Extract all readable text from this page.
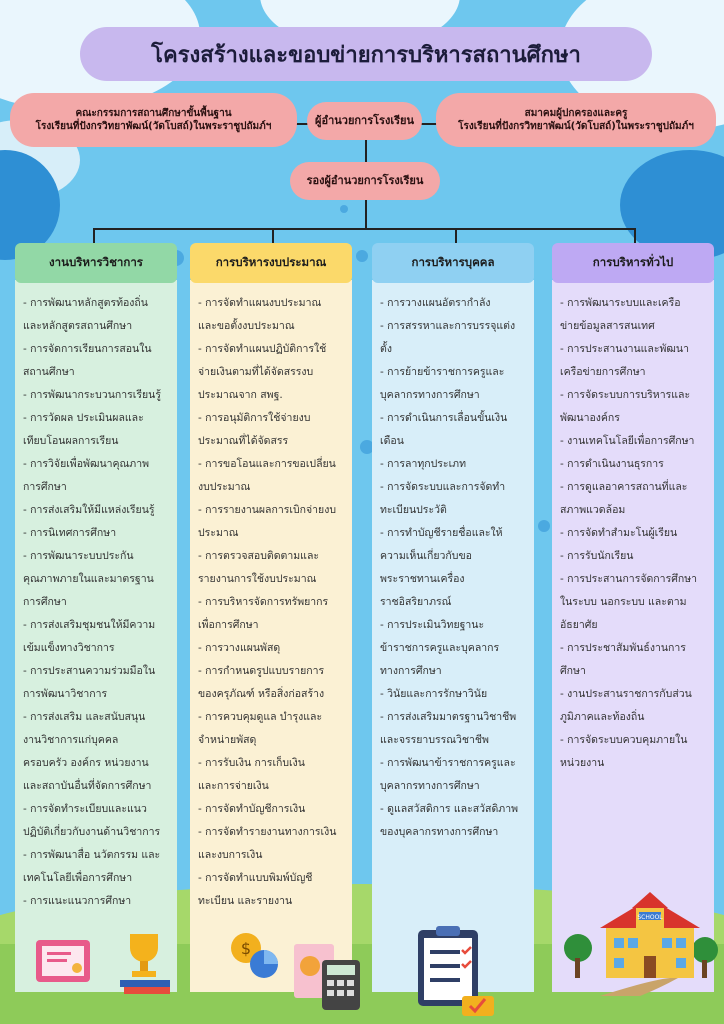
โครงสร้างและขอบข่ายการบริหารสถานศึกษา
คณะกรรมการสถานศึกษาขั้นพื้นฐาน
โรงเรียนที่ปังกรวิทยาพัฒน์(วัดโบสถ์)ในพระราชูปถัมภ์ฯ	ผู้อำนวยการโรงเรียน
สมาคมผู้ปกครองและครู
โรงเรียนที่ปังกรวิทยาพัฒน์(วัดโบสถ์)ในพระราชูปถัมภ์ฯ
รองผู้อำนวยการโรงเรียน
- การพัฒนาหลักสูตรท้องถิ่น
และหลักสูตรสถานศึกษา
- การจัดการเรียนการสอนใน
สถานศึกษา
- การพัฒนากระบวนการเรียนรู้
- การวัดผล ประเมินผลและ
เทียบโอนผลการเรียน
- การวิจัยเพื่อพัฒนาคุณภาพ
การศึกษา
- การส่งเสริมให้มีแหล่งเรียนรู้
- การนิเทศการศึกษา
- การพัฒนาระบบประกัน
คุณภาพภายในและมาตรฐาน
การศึกษา
- การส่งเสริมชุมชนให้มีความ
เข้มแข็งทางวิชาการ
- การประสานความร่วมมือใน
การพัฒนาวิชาการ
- การส่งเสริม และสนับสนุน
งานวิชาการแก่บุคคล
ครอบครัว องค์กร หน่วยงาน
และสถาบันอื่นที่จัดการศึกษา
- การจัดทำระเบียบและแนว
ปฏิบัติเกี่ยวกับงานด้านวิชาการ
- การพัฒนาสื่อ นวัตกรรม และ
เทคโนโลยีเพื่อการศึกษา
- การแนะแนวการศึกษา
- การจัดทำแผนงบประมาณ
และขอตั้งงบประมาณ
- การจัดทำแผนปฏิบัติการใช้
จ่ายเงินตามที่ได้จัดสรรงบ
ประมาณจาก สพฐ.
- การอนุมัติการใช้จ่ายงบ
ประมาณที่ได้จัดสรร
- การขอโอนและการขอเปลี่ยน
งบประมาณ
- การรายงานผลการเบิกจ่ายงบ
ประมาณ
- การตรวจสอบติดตามและ
รายงานการใช้งบประมาณ
- การบริหารจัดการทรัพยากร
เพื่อการศึกษา
- การวางแผนพัสดุ
- การกำหนดรูปแบบรายการ
ของครุภัณฑ์ หรือสิ่งก่อสร้าง
- การควบคุมดูแล บำรุงและ
จำหน่ายพัสดุ
- การรับเงิน การเก็บเงิน
และการจ่ายเงิน
- การจัดทำบัญชีการเงิน
- การจัดทำรายงานทางการเงิน
และงบการเงิน
- การจัดทำแบบพิมพ์บัญชี
ทะเบียน และรายงาน
- การวางแผนอัตรากำลัง
- การสรรหาและการบรรจุแต่ง
ตั้ง
- การย้ายข้าราชการครูและ
บุคลากรทางการศึกษา
- การดำเนินการเลื่อนขั้นเงิน
เดือน
- การลาทุกประเภท
- การจัดระบบและการจัดทำ
ทะเบียนประวัติ
- การทำบัญชีรายชื่อและให้
ความเห็นเกี่ยวกับขอ
พระราชทานเครื่อง
ราชอิสริยาภรณ์
- การประเมินวิทยฐานะ
ข้าราชการครูและบุคลากร
ทางการศึกษา
- วินัยและการรักษาวินัย
- การส่งเสริมมาตรฐานวิชาชีพ
และจรรยาบรรณวิชาชีพ
- การพัฒนาข้าราชการครูและ
บุคลากรทางการศึกษา
- ดูแลสวัสดิการ และสวัสดิภาพ
ของบุคลากรทางการศึกษา
- การพัฒนาระบบและเครือ
ข่ายข้อมูลสารสนเทศ
- การประสานงานและพัฒนา
เครือข่ายการศึกษา
- การจัดระบบการบริหารและ
พัฒนาองค์กร
- งานเทคโนโลยีเพื่อการศึกษา
- การดำเนินงานธุรการ
- การดูแลอาคารสถานที่และ
สภาพแวดล้อม
- การจัดทำสำมะโนผู้เรียน
- การรับนักเรียน
- การประสานการจัดการศึกษา
ในระบบ นอกระบบ และตาม
อัธยาศัย
- การประชาสัมพันธ์งานการ
ศึกษา
- งานประสานราชการกับส่วน
ภูมิภาคและท้องถิ่น
- การจัดระบบควบคุมภายใน
หน่วยงาน
งานบริหารวิชาการ	การบริหารงบประมาณ	การบริหารบุคคล	การบริหารทั่วไป
$
SCHOOL
